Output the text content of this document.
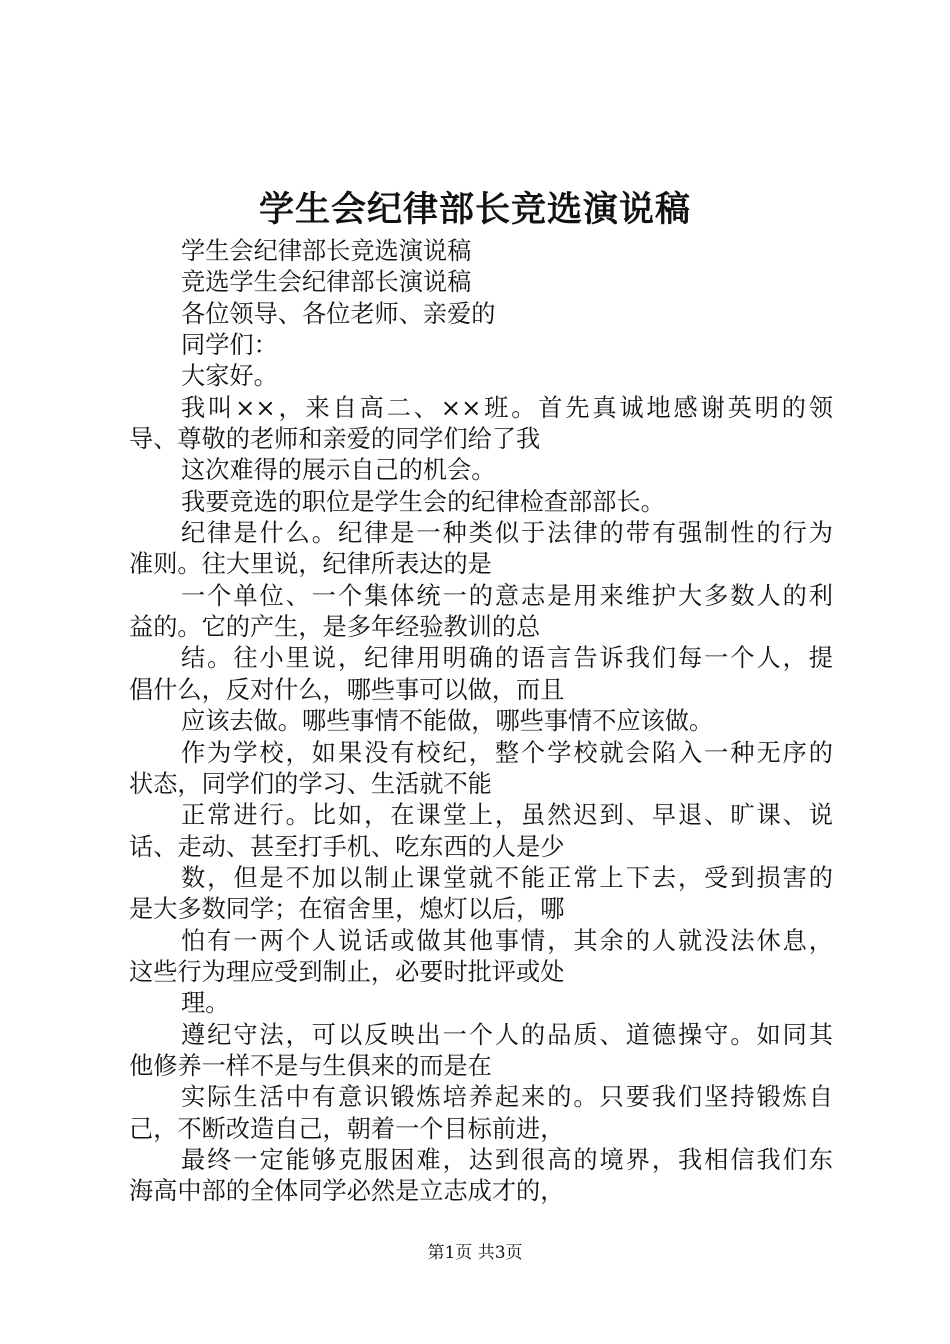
学生会纪律部长竞选演说稿
学生会纪律部长竞选演说稿
竞选学生会纪律部长演说稿
各位领导、各位老师、亲爱的
同学们：
大家好。
我叫××，来自高二、××班。首先真诚地感谢英明的领
导、尊敬的老师和亲爱的同学们给了我
这次难得的展示自己的机会。
我要竞选的职位是学生会的纪律检查部部长。
纪律是什么。纪律是一种类似于法律的带有强制性的行为
准则。往大里说，纪律所表达的是
一个单位、一个集体统一的意志是用来维护大多数人的利
益的。它的产生，是多年经验教训的总
结。往小里说，纪律用明确的语言告诉我们每一个人，提
倡什么，反对什么，哪些事可以做，而且
应该去做。哪些事情不能做，哪些事情不应该做。
作为学校，如果没有校纪，整个学校就会陷入一种无序的
状态，同学们的学习、生活就不能
正常进行。比如，在课堂上，虽然迟到、早退、旷课、说
话、走动、甚至打手机、吃东西的人是少
数，但是不加以制止课堂就不能正常上下去，受到损害的
是大多数同学；在宿舍里，熄灯以后，哪
怕有一两个人说话或做其他事情，其余的人就没法休息，
这些行为理应受到制止，必要时批评或处
理。
遵纪守法，可以反映出一个人的品质、道德操守。如同其
他修养一样不是与生俱来的而是在
实际生活中有意识锻炼培养起来的。只要我们坚持锻炼自
己，不断改造自己，朝着一个目标前进，
最终一定能够克服困难，达到很高的境界，我相信我们东
海高中部的全体同学必然是立志成才的，
第1页 共3页
